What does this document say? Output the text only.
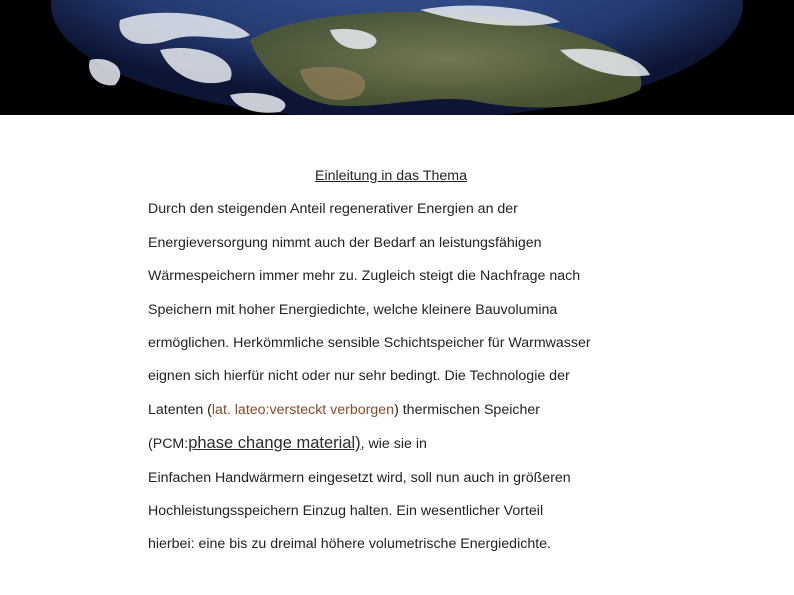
Einleitung in das Thema

Durch den steigenden Anteil regenerativer Energien an der

Energieversorgung nimmt auch der Bedarf an leistungsfähigen

Wärmespeichern immer mehr zu. Zugleich steigt die Nachfrage nach

Speichern mit hoher Energiedichte, welche kleinere Bauvolumina

ermöglichen. Herkömmliche sensible Schichtspeicher für Warmwasser

eignen sich hierfür nicht oder nur sehr bedingt. Die Technologie der

Latenten (lat. lateo:versteckt verborgen) thermischen Speicher

(PCM:phase change material), wie sie in

Einfachen Handwärmern eingesetzt wird, soll nun auch in größeren

Hochleistungsspeichern Einzug halten. Ein wesentlicher Vorteil

hierbei: eine bis zu dreimal höhere volumetrische Energiedichte.
